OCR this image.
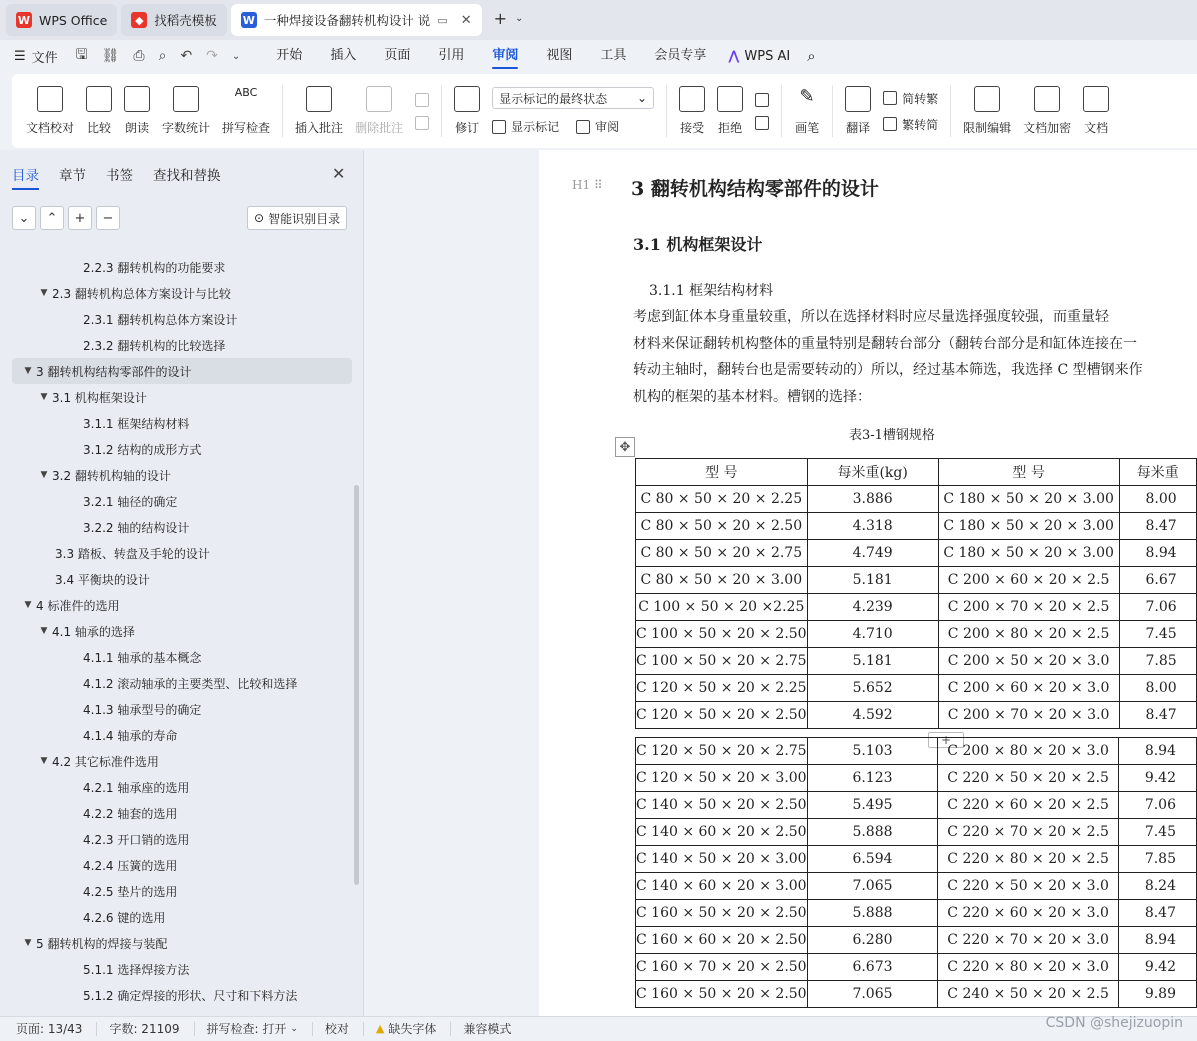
W WPS Office	◆ 找稻壳模板 W 一种焊接设备翻转机构设计 说 ▭ ✕ + ⌄
☰ 文件 🖫 ⛓ ⎙ ⌕ ↶ ↷ ⌄	开始	插入	页面	引用	审阅	视图	工具	会员专享	⋀ WPS AI ⌕
文档校对 比较 朗读 字数统计
ABC
拼写检查 插入批注 删除批注	修订
显示标记的最终状态 ⌄
显示标记	审阅	接受 拒绝
✎
画笔 翻译
简转繁
繁转简 限制编辑 文档加密 文档
目录 章节 书签 查找和替换	✕
⌄	⌃	+	−	⊙ 智能识别目录
2.2.3 翻转机构的功能要求
▼ 2.3 翻转机构总体方案设计与比较
2.3.1 翻转机构总体方案设计
2.3.2 翻转机构的比较选择
▼ 3 翻转机构结构零部件的设计
▼ 3.1 机构框架设计
3.1.1 框架结构材料
3.1.2 结构的成形方式
▼ 3.2 翻转机构轴的设计
3.2.1 轴径的确定
3.2.2 轴的结构设计
3.3 踏板、转盘及手轮的设计
3.4 平衡块的设计
▼ 4 标准件的选用
▼ 4.1 轴承的选择
4.1.1 轴承的基本概念
4.1.2 滚动轴承的主要类型、比较和选择
4.1.3 轴承型号的确定
4.1.4 轴承的寿命
▼ 4.2 其它标准件选用
4.2.1 轴承座的选用
4.2.2 轴套的选用
4.2.3 开口销的选用
4.2.4 压簧的选用
4.2.5 垫片的选用
4.2.6 键的选用
▼ 5 翻转机构的焊接与装配
5.1.1 选择焊接方法
5.1.2 确定焊接的形状、尺寸和下料方法
H1 ⠿ 3 翻转机构结构零部件的设计
3.1 机构框架设计
3.1.1 框架结构材料
考虑到缸体本身重量较重，所以在选择材料时应尽量选择强度较强，而重量轻
材料来保证翻转机构整体的重量特别是翻转台部分（翻转台部分是和缸体连接在一
转动主轴时，翻转台也是需要转动的）所以，经过基本筛选，我选择 C 型槽钢来作
机构的框架的基本材料。槽钢的选择：
表3-1槽钢规格
✥
型 号	每米重(kg)	型 号	每米重
C 80 × 50 × 20 × 2.25	3.886	C 180 × 50 × 20 × 3.00	8.00
C 80 × 50 × 20 × 2.50	4.318	C 180 × 50 × 20 × 3.00	8.47
C 80 × 50 × 20 × 2.75	4.749	C 180 × 50 × 20 × 3.00	8.94
C 80 × 50 × 20 × 3.00	5.181	C 200 × 60 × 20 × 2.5	6.67
C 100 × 50 × 20 ×2.25	4.239	C 200 × 70 × 20 × 2.5	7.06
C 100 × 50 × 20 × 2.50	4.710	C 200 × 80 × 20 × 2.5	7.45
C 100 × 50 × 20 × 2.75	5.181	C 200 × 50 × 20 × 3.0	7.85
C 120 × 50 × 20 × 2.25	5.652	C 200 × 60 × 20 × 3.0	8.00
C 120 × 50 × 20 × 2.50	4.592	C 200 × 70 × 20 × 3.0	8.47
+
C 120 × 50 × 20 × 2.75	5.103	C 200 × 80 × 20 × 3.0	8.94
C 120 × 50 × 20 × 3.00	6.123	C 220 × 50 × 20 × 2.5	9.42
C 140 × 50 × 20 × 2.50	5.495	C 220 × 60 × 20 × 2.5	7.06
C 140 × 60 × 20 × 2.50	5.888	C 220 × 70 × 20 × 2.5	7.45
C 140 × 50 × 20 × 3.00	6.594	C 220 × 80 × 20 × 2.5	7.85
C 140 × 60 × 20 × 3.00	7.065	C 220 × 50 × 20 × 3.0	8.24
C 160 × 50 × 20 × 2.50	5.888	C 220 × 60 × 20 × 3.0	8.47
C 160 × 60 × 20 × 2.50	6.280	C 220 × 70 × 20 × 3.0	8.94
C 160 × 70 × 20 × 2.50	6.673	C 220 × 80 × 20 × 3.0	9.42
C 160 × 50 × 20 × 2.50	7.065	C 240 × 50 × 20 × 2.5	9.89
页面: 13/43	字数: 21109	拼写检查: 打开 ⌄ 校对	▲ 缺失字体 兼容模式	CSDN @shejizuopin
